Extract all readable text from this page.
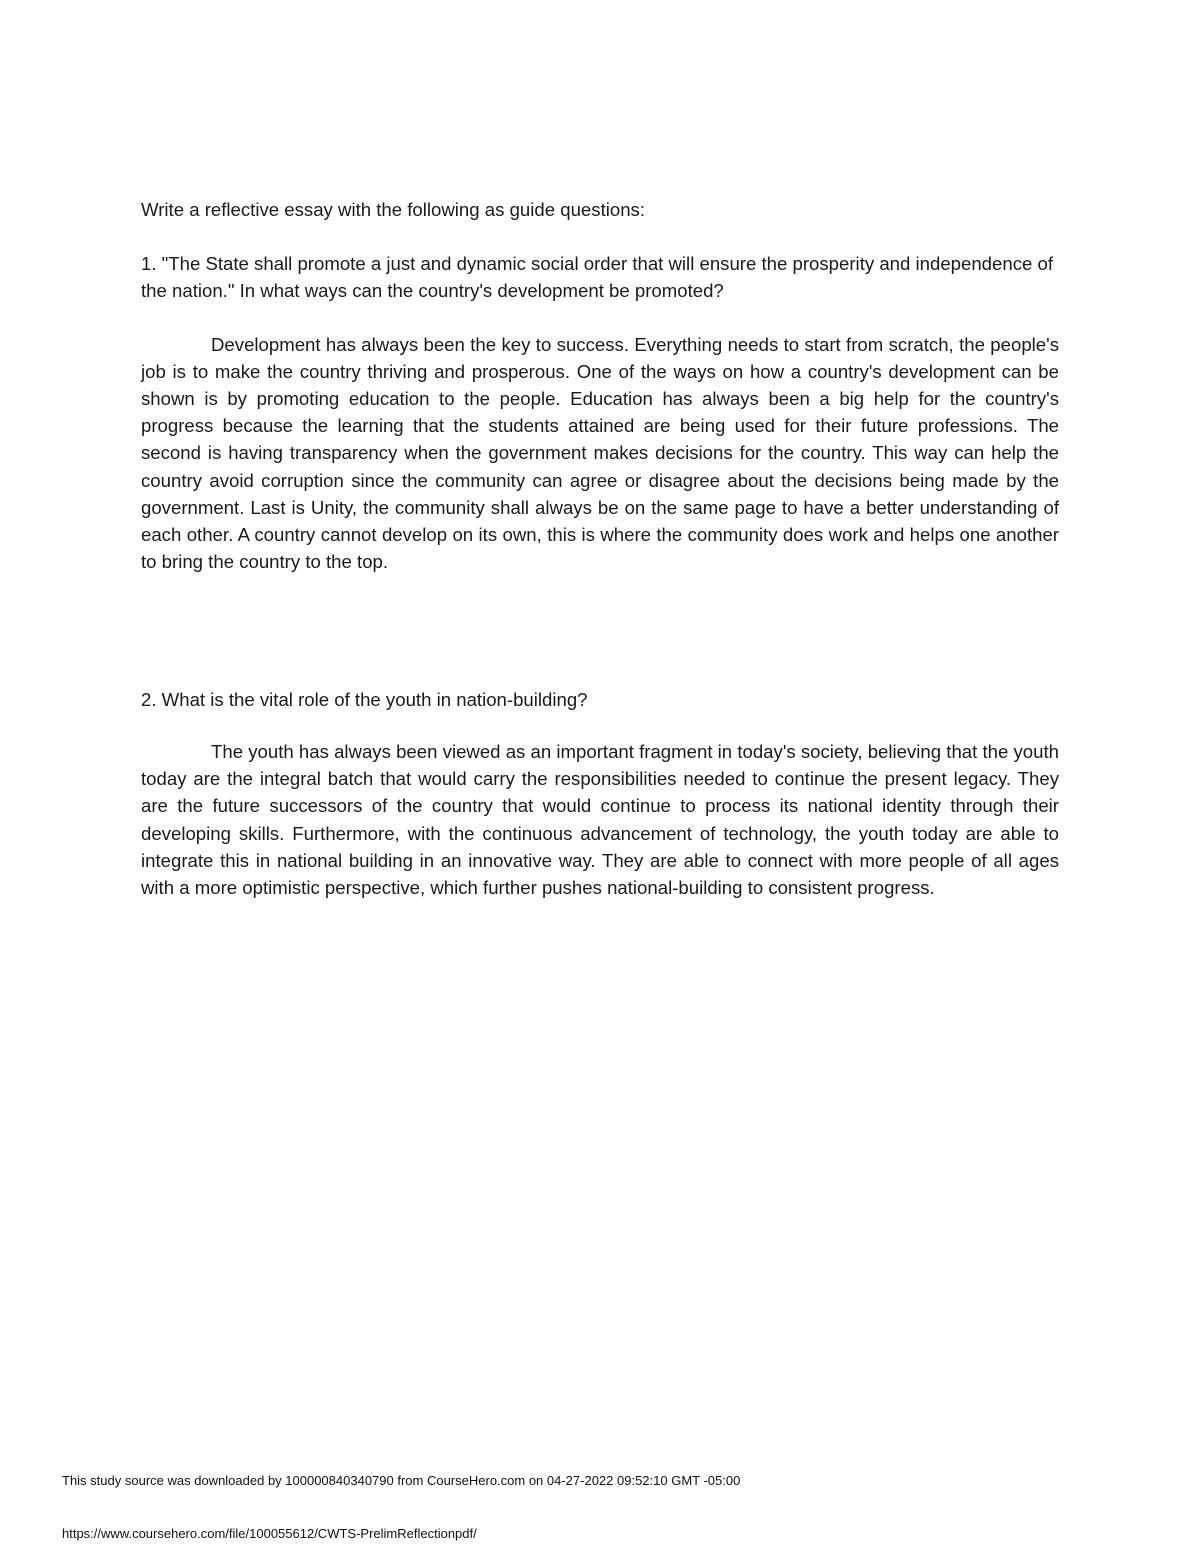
Write a reflective essay with the following as guide questions:

1. "The State shall promote a just and dynamic social order that will ensure the prosperity and independence of the nation." In what ways can the country's development be promoted?

Development has always been the key to success. Everything needs to start from scratch, the people's job is to make the country thriving and prosperous. One of the ways on how a country's development can be shown is by promoting education to the people. Education has always been a big help for the country's progress because the learning that the students attained are being used for their future professions. The second is having transparency when the government makes decisions for the country. This way can help the country avoid corruption since the community can agree or disagree about the decisions being made by the government. Last is Unity, the community shall always be on the same page to have a better understanding of each other. A country cannot develop on its own, this is where the community does work and helps one another to bring the country to the top.

2. What is the vital role of the youth in nation-building?

The youth has always been viewed as an important fragment in today's society, believing that the youth today are the integral batch that would carry the responsibilities needed to continue the present legacy. They are the future successors of the country that would continue to process its national identity through their developing skills. Furthermore, with the continuous advancement of technology, the youth today are able to integrate this in national building in an innovative way. They are able to connect with more people of all ages with a more optimistic perspective, which further pushes national-building to consistent progress.

This study source was downloaded by 100000840340790 from CourseHero.com on 04-27-2022 09:52:10 GMT -05:00
https://www.coursehero.com/file/100055612/CWTS-PrelimReflectionpdf/
